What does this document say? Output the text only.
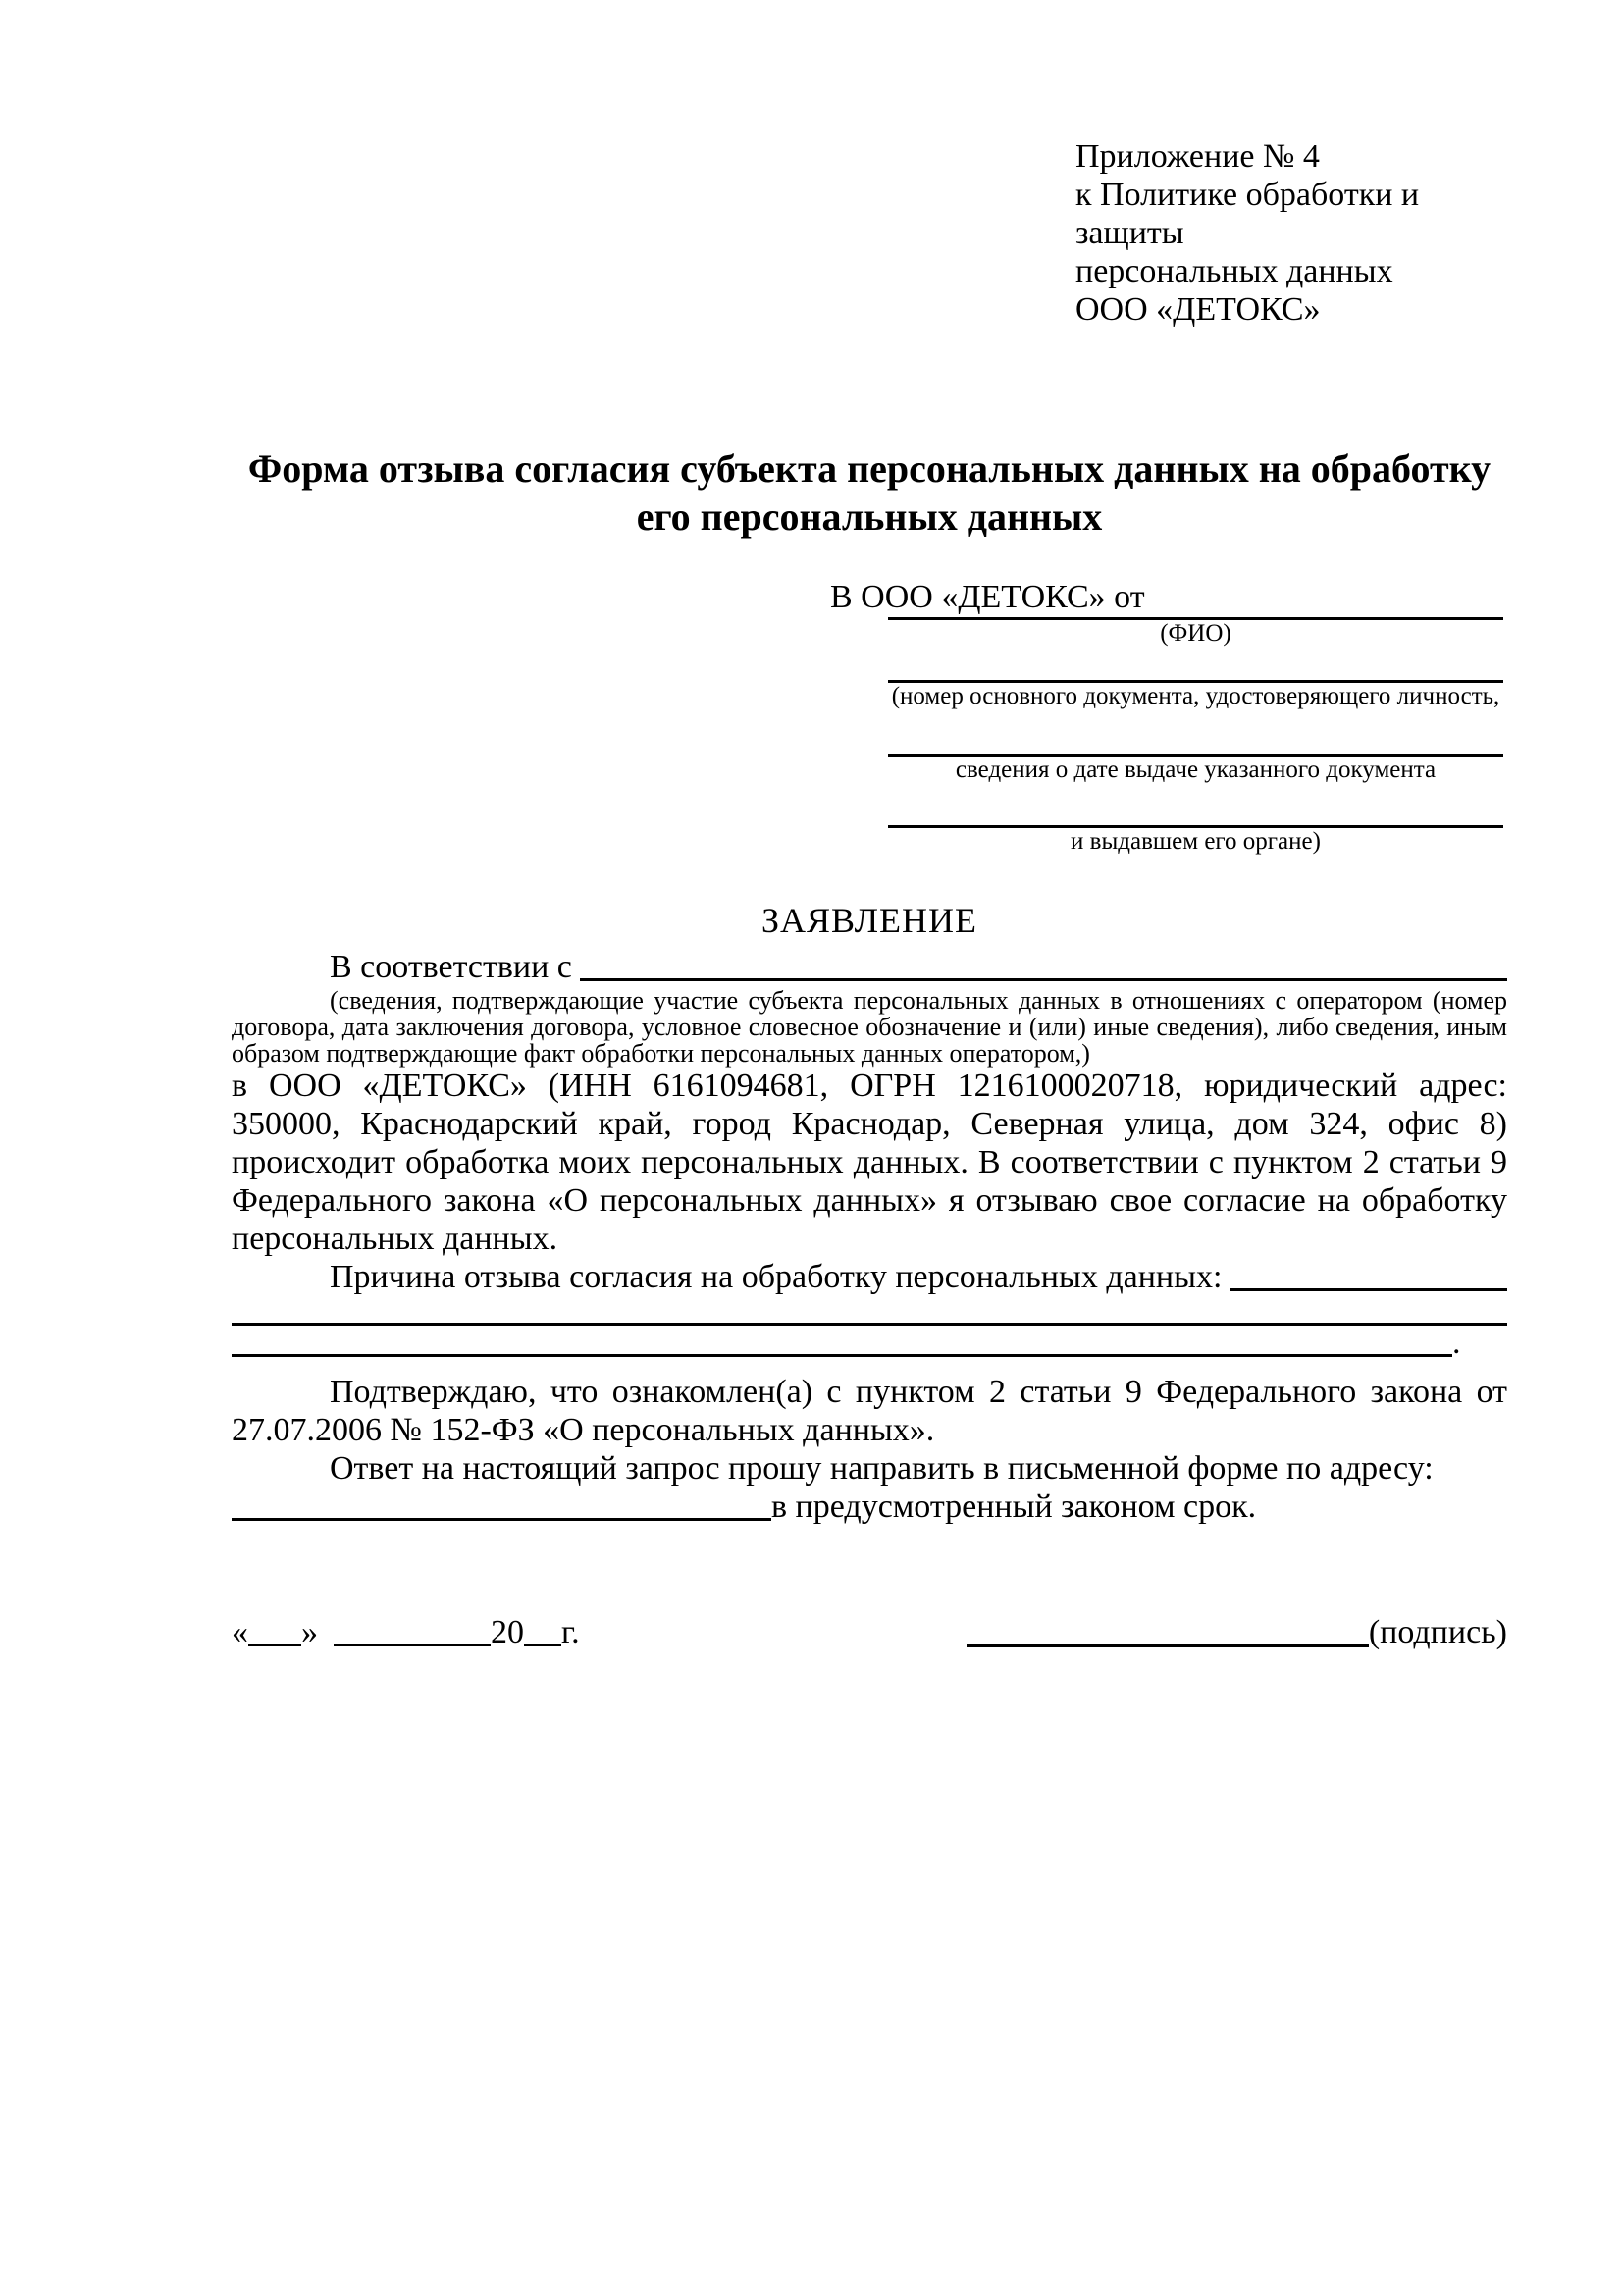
Приложение № 4
к Политике обработки и защиты
персональных данных
ООО «ДЕТОКС»
Форма отзыва согласия субъекта персональных данных на обработку
его персональных данных
В ООО «ДЕТОКС» от
(ФИО)
(номер основного документа, удостоверяющего личность,
сведения о дате выдаче указанного документа
и выдавшем его органе)
ЗАЯВЛЕНИЕ
В соответствии с
(сведения, подтверждающие участие субъекта персональных данных в отношениях с оператором (номер договора, дата заключения договора, условное словесное обозначение и (или) иные сведения), либо сведения, иным образом подтверждающие факт обработки персональных данных оператором,)
в ООО «ДЕТОКС» (ИНН 6161094681, ОГРН 1216100020718, юридический адрес: 350000, Краснодарский край, город Краснодар, Северная улица, дом 324, офис 8) происходит обработка моих персональных данных. В соответствии с пунктом 2 статьи 9 Федерального закона «О персональных данных» я отзываю свое согласие на обработку персональных данных.
Причина отзыва согласия на обработку персональных данных:
.
Подтверждаю, что ознакомлен(а) с пунктом 2 статьи 9 Федерального закона от 27.07.2006 № 152-ФЗ «О персональных данных».
Ответ на настоящий запрос прошу направить в письменной форме по адресу:
в предусмотренный законом срок.
« »	20 г.	(подпись)
